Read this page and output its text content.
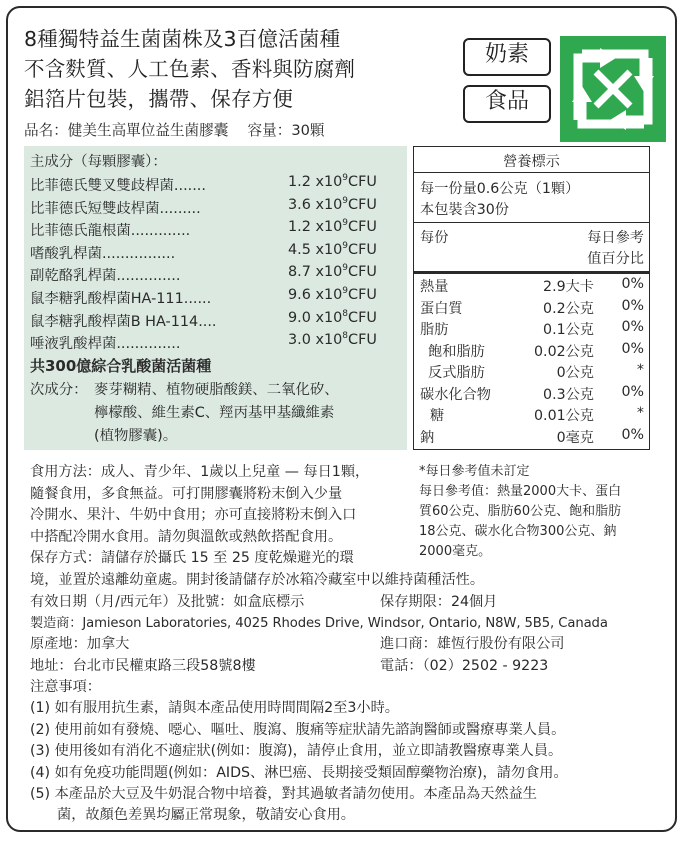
8種獨特益生菌菌株及3百億活菌種
不含麩質、人工色素、香料與防腐劑
鋁箔片包裝，攜帶、保存方便
品名：健美生高單位益生菌膠囊　 容量：30顆
奶素
食品
主成分（每顆膠囊）：
比菲德氏雙叉雙歧桿菌.......	1.2 $x10^9CFU$
比菲德氏短雙歧桿菌.........	3.6 $x10^9CFU$
比菲德氏龍根菌.............	1.2 $x10^9CFU$
嗜酸乳桿菌................	4.5 $x10^9CFU$
副乾酪乳桿菌..............	8.7 $x10^9CFU$
鼠李糖乳酸桿菌HA-111......	9.6 $x10^9CFU$
鼠李糖乳酸桿菌B HA-114....	9.0 $x10^8CFU$
唾液乳酸桿菌..............	3.0 $x10^8CFU$
共300億綜合乳酸菌活菌種
次成分： 麥芽糊精、植物硬脂酸鎂、二氧化矽、
檸檬酸、維生素C、羥丙基甲基纖維素
(植物膠囊)。
營養標示
每一份量0.6公克（1顆）
本包裝含30份
每份	每日參考
值百分比
熱量	2.9大卡	0%
蛋白質	0.2公克	0%
脂肪	0.1公克	0%
飽和脂肪	0.02公克	0%
反式脂肪	0公克	*
碳水化合物	0.3公克	0%
糖	0.01公克	*
鈉	0毫克	0%
食用方法：成人、青少年、1歲以上兒童 — 每日1顆，
隨餐食用，多食無益。可打開膠囊將粉末倒入少量
冷開水、果汁、牛奶中食用；亦可直接將粉末倒入口
中搭配冷開水食用。請勿與溫飲或熱飲搭配食用。
保存方式：請儲存於攝氏 15 至 25 度乾燥避光的環
*每日參考值未訂定
每日參考值：熱量2000大卡、蛋白
質60公克、脂肪60公克、飽和脂肪
18公克、碳水化合物300公克、鈉
2000毫克。
境，並置於遠離幼童處。開封後請儲存於冰箱冷藏室中以維持菌種活性。
有效日期（月/西元年）及批號：如盒底標示	保存期限：24個月
製造商：Jamieson Laboratories, 4025 Rhodes Drive, Windsor, Ontario, N8W, 5B5, Canada
原產地：加拿大	進口商：雄恆行股份有限公司
地址：台北市民權東路三段58號8樓	電話：（02）2502 - 9223
注意事項：
(1) 如有服用抗生素，請與本產品使用時間間隔2至3小時。
(2) 使用前如有發燒、噁心、嘔吐、腹瀉、腹痛等症狀請先諮詢醫師或醫療專業人員。
(3) 使用後如有消化不適症狀(例如：腹瀉)，請停止食用，並立即請教醫療專業人員。
(4) 如有免疫功能問題(例如：AIDS、淋巴癌、長期接受類固醇藥物治療)，請勿食用。
(5) 本產品於大豆及牛奶混合物中培養，對其過敏者請勿使用。本產品為天然益生
菌，故顏色差異均屬正常現象，敬請安心食用。
